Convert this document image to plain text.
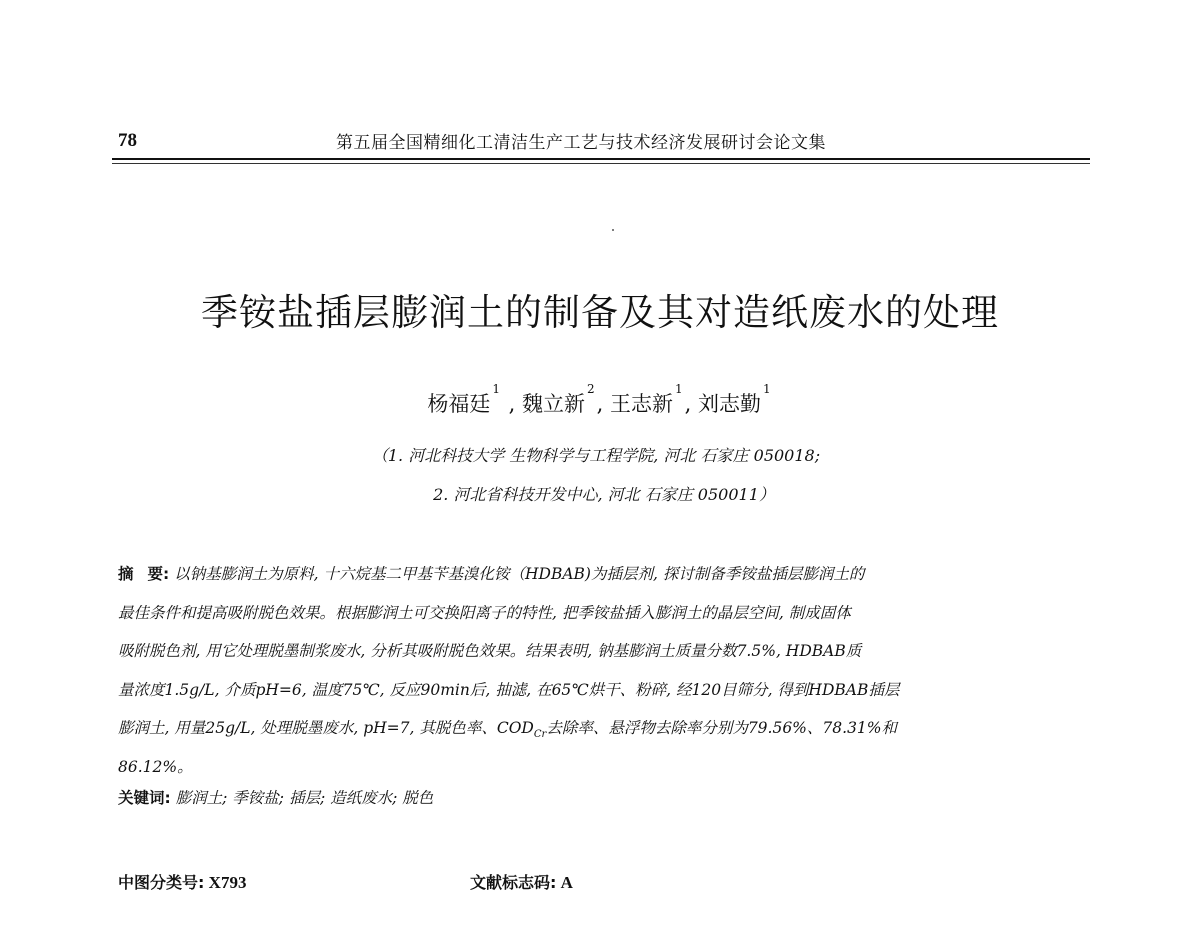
78	第五届全国精细化工清洁生产工艺与技术经济发展研讨会论文集
季铵盐插层膨润土的制备及其对造纸废水的处理
杨福廷$^1$ , 魏立新$^2$, 王志新$^1$, 刘志勤$^1$
（1. 河北科技大学 生物科学与工程学院, 河北 石家庄 050018;
2. 河北省科技开发中心, 河北 石家庄 050011）
摘 要: 以钠基膨润土为原料, 十六烷基二甲基苄基溴化铵（HDBAB)为插层剂, 探讨制备季铵盐插层膨润土的
最佳条件和提高吸附脱色效果。根据膨润土可交换阳离子的特性, 把季铵盐插入膨润土的晶层空间, 制成固体
吸附脱色剂, 用它处理脱墨制浆废水, 分析其吸附脱色效果。结果表明, 钠基膨润土质量分数7.5%, HDBAB质
量浓度1.5g/L, 介质pH=6, 温度75℃, 反应90min后, 抽滤, 在65℃烘干、粉碎, 经120目筛分, 得到HDBAB插层
膨润土, 用量25g/L, 处理脱墨废水, pH=7, 其脱色率、$COD_{Cr}$去除率、悬浮物去除率分别为79.56%、78.31%和
86.12%。
关键词: 膨润土; 季铵盐; 插层; 造纸废水; 脱色
中图分类号: X793	文献标志码: A
